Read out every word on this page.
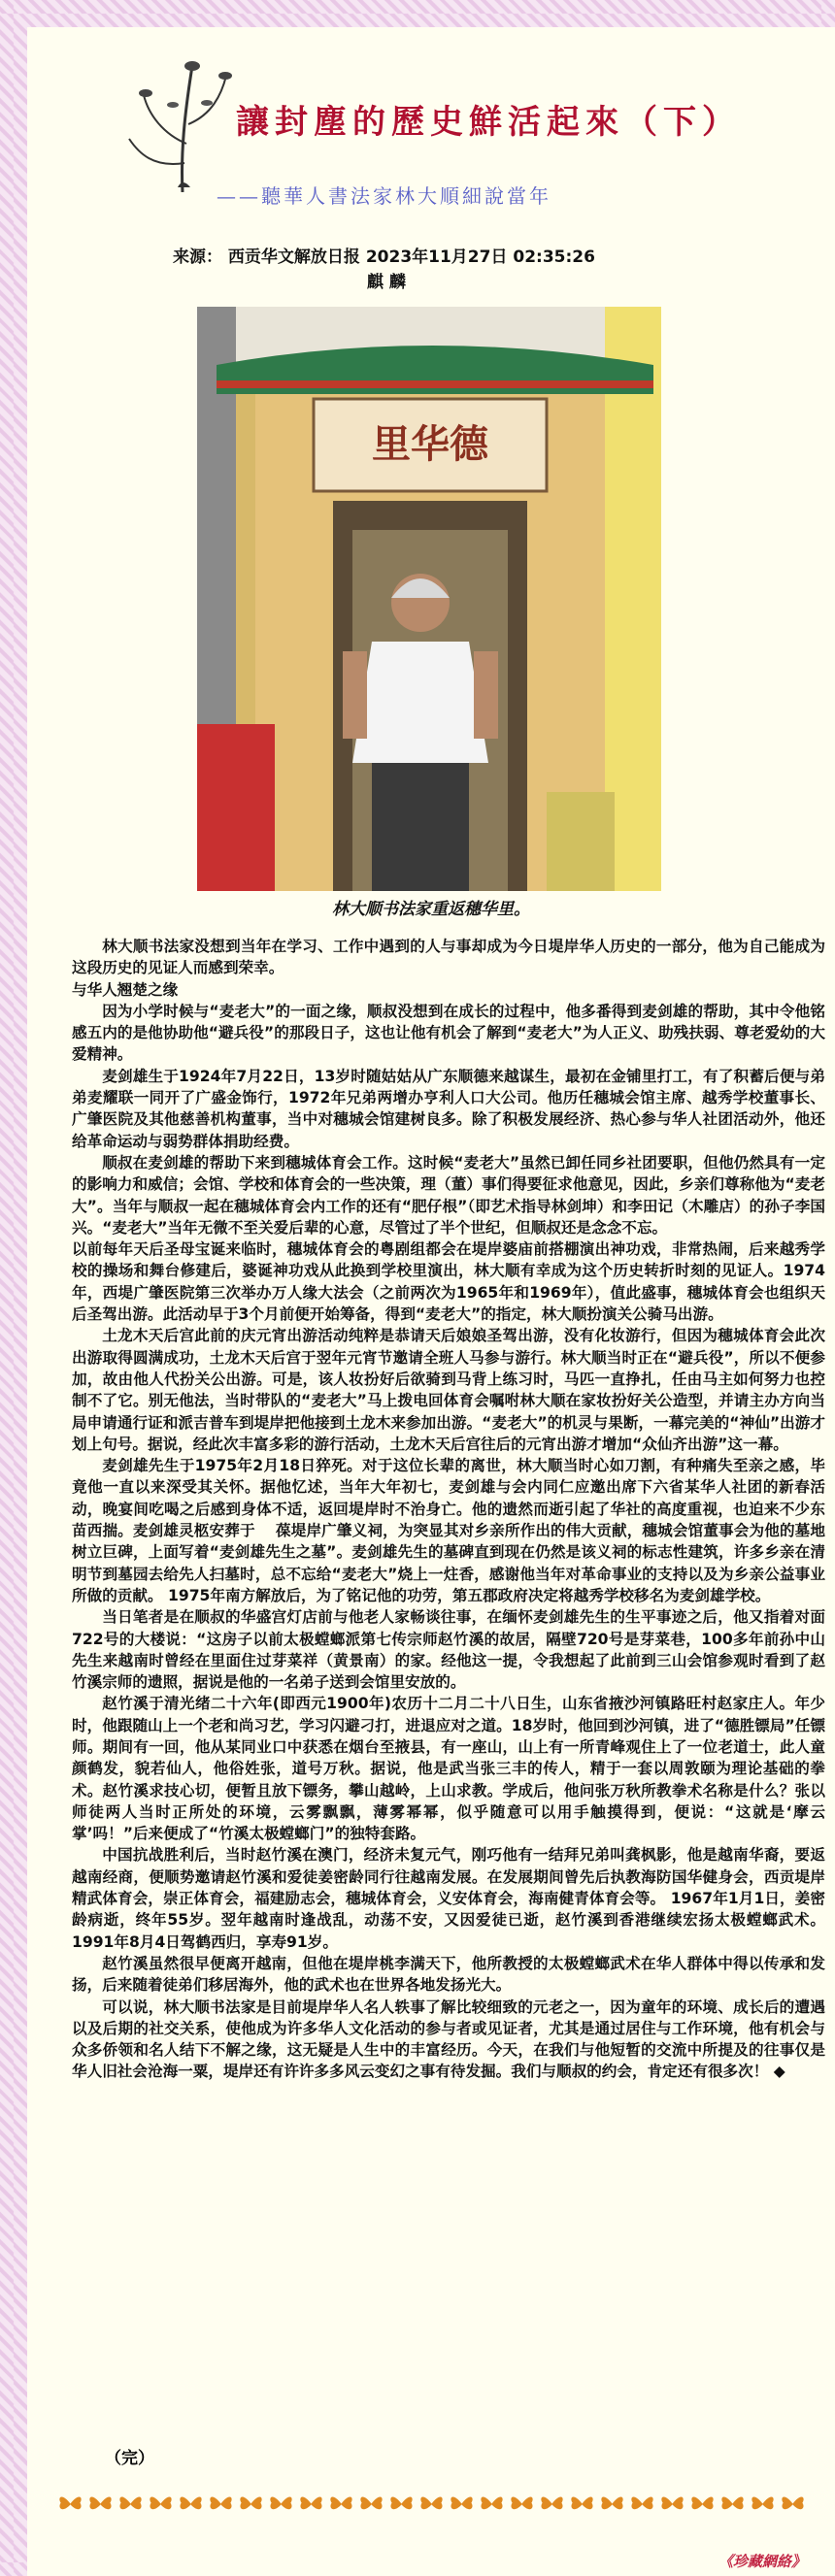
讓封塵的歷史鮮活起來（下）
——聽華人書法家林大順細說當年
来源： 西贡华文解放日报 2023年11月27日 02:35:26
麒 麟
里华德
林大顺书法家重返穗华里。

林大顺书法家没想到当年在学习、工作中遇到的人与事却成为今日堤岸华人历史的一部分，他为自己能成为这段历史的见证人而感到荣幸。

与华人翘楚之缘

因为小学时候与“麦老大”的一面之缘，顺叔没想到在成长的过程中，他多番得到麦剑雄的帮助，其中令他铭感五内的是他协助他“避兵役”的那段日子，这也让他有机会了解到“麦老大”为人正义、助残扶弱、尊老爱幼的大爱精神。

麦剑雄生于1924年7月22日，13岁时随姑姑从广东顺德来越谋生，最初在金铺里打工，有了积蓄后便与弟弟麦耀联一同开了广盛金饰行，1972年兄弟两增办亨利人口大公司。他历任穗城会馆主席、越秀学校董事长、广肇医院及其他慈善机构董事，当中对穗城会馆建树良多。除了积极发展经济、热心参与华人社团活动外，他还给革命运动与弱势群体捐助经费。

顺叔在麦剑雄的帮助下来到穗城体育会工作。这时候“麦老大”虽然已卸任同乡社团要职，但他仍然具有一定的影响力和威信；会馆、学校和体育会的一些决策，理（董）事们得要征求他意见，因此，乡亲们尊称他为“麦老大”。当年与顺叔一起在穗城体育会内工作的还有“肥仔根”（即艺术指导林剑坤）和李田记（木雕店）的孙子李国兴。“麦老大”当年无微不至关爱后辈的心意，尽管过了半个世纪，但顺叔还是念念不忘。

以前每年天后圣母宝诞来临时，穗城体育会的粤剧组都会在堤岸婆庙前搭棚演出神功戏，非常热闹，后来越秀学校的操场和舞台修建后，婆诞神功戏从此换到学校里演出，林大顺有幸成为这个历史转折时刻的见证人。1974年，西堤广肇医院第三次举办万人缘大法会（之前两次为1965年和1969年），值此盛事，穗城体育会也组织天后圣驾出游。此活动早于3个月前便开始筹备，得到“麦老大”的指定，林大顺扮演关公骑马出游。

土龙木天后宫此前的庆元宵出游活动纯粹是恭请天后娘娘圣驾出游，没有化妆游行，但因为穗城体育会此次出游取得圆满成功，土龙木天后宫于翌年元宵节邀请全班人马参与游行。林大顺当时正在“避兵役”，所以不便参加，故由他人代扮关公出游。可是，该人妆扮好后欲骑到马背上练习时，马匹一直挣扎，任由马主如何努力也控制不了它。别无他法，当时带队的“麦老大”马上拨电回体育会嘱咐林大顺在家妆扮好关公造型，并请主办方向当局申请通行证和派吉普车到堤岸把他接到土龙木来参加出游。“麦老大”的机灵与果断，一幕完美的“神仙”出游才划上句号。据说，经此次丰富多彩的游行活动，土龙木天后宫往后的元宵出游才增加“众仙齐出游”这一幕。

麦剑雄先生于1975年2月18日猝死。对于这位长辈的离世，林大顺当时心如刀割，有种痛失至亲之感，毕竟他一直以来深受其关怀。据他忆述，当年大年初七，麦剑雄与会内同仁应邀出席下六省某华人社团的新春活动，晚宴间吃喝之后感到身体不适，返回堤岸时不治身亡。他的遗然而逝引起了华社的高度重视，也迫来不少东苗西揣。麦剑雄灵柩安葬于 　葆堤岸广肇义祠，为突显其对乡亲所作出的伟大贡献，穗城会馆董事会为他的墓地树立巨碑，上面写着“麦剑雄先生之墓”。麦剑雄先生的墓碑直到现在仍然是该义祠的标志性建筑，许多乡亲在清明节到墓园去给先人扫墓时，总不忘给“麦老大”烧上一炷香，感谢他当年对革命事业的支持以及为乡亲公益事业所做的贡献。 1975年南方解放后，为了铭记他的功劳，第五郡政府决定将越秀学校移名为麦剑雄学校。

当日笔者是在顺叔的华盛宫灯店前与他老人家畅谈往事，在缅怀麦剑雄先生的生平事迹之后，他又指着对面722号的大楼说：“这房子以前太极螳螂派第七传宗师赵竹溪的故居，隔壁720号是芽菜巷，100多年前孙中山先生来越南时曾经在里面住过芽菜祥（黄景南）的家。经他这一提，令我想起了此前到三山会馆参观时看到了赵竹溪宗师的遗照，据说是他的一名弟子送到会馆里安放的。

赵竹溪于清光绪二十六年(即西元1900年)农历十二月二十八日生，山东省掖沙河镇路旺村赵家庄人。年少时，他跟随山上一个老和尚习艺，学习闪避刁打，进退应对之道。18岁时，他回到沙河镇，进了“德胜镖局”任镖师。期间有一回，他从某同业口中获悉在烟台至掖县，有一座山，山上有一所青峰观住上了一位老道士，此人童颜鹤发，貌若仙人，他俗姓张，道号万秋。据说，他是武当张三丰的传人，精于一套以周敦颐为理论基础的拳术。赵竹溪求技心切，便暂且放下镖务，攀山越岭，上山求教。学成后，他问张万秋所教拳术名称是什么？张以师徒两人当时正所处的环境，云雾飘飘，薄雾幂幂，似乎随意可以用手触摸得到，便说：“这就是‘摩云掌’吗！”后来便成了“竹溪太极螳螂门”的独特套路。

中国抗战胜利后，当时赵竹溪在澳门，经济未复元气，刚巧他有一结拜兄弟叫龚枫影，他是越南华裔，要返越南经商，便顺势邀请赵竹溪和爱徒姜密龄同行往越南发展。在发展期间曾先后执教海防国华健身会，西贡堤岸精武体育会，崇正体育会，福建励志会，穗城体育会，义安体育会，海南健青体育会等。 1967年1月1日，姜密龄病逝，终年55岁。翌年越南时逢战乱，动荡不安，又因爱徒已逝，赵竹溪到香港继续宏扬太极螳螂武术。1991年8月4日驾鹤西归，享寿91岁。

赵竹溪虽然很早便离开越南，但他在堤岸桃李满天下，他所教授的太极螳螂武术在华人群体中得以传承和发扬，后来随着徒弟们移居海外，他的武术也在世界各地发扬光大。

可以说，林大顺书法家是目前堤岸华人名人轶事了解比较细致的元老之一，因为童年的环境、成长后的遭遇以及后期的社交关系，使他成为许多华人文化活动的参与者或见证者，尤其是通过居住与工作环境，他有机会与众多侨领和名人结下不解之缘，这无疑是人生中的丰富经历。今天，在我们与他短暂的交流中所提及的往事仅是华人旧社会沧海一粟，堤岸还有许许多多风云变幻之事有待发掘。我们与顺叔的约会，肯定还有很多次！ ◆

（完）
《珍藏網絡》
